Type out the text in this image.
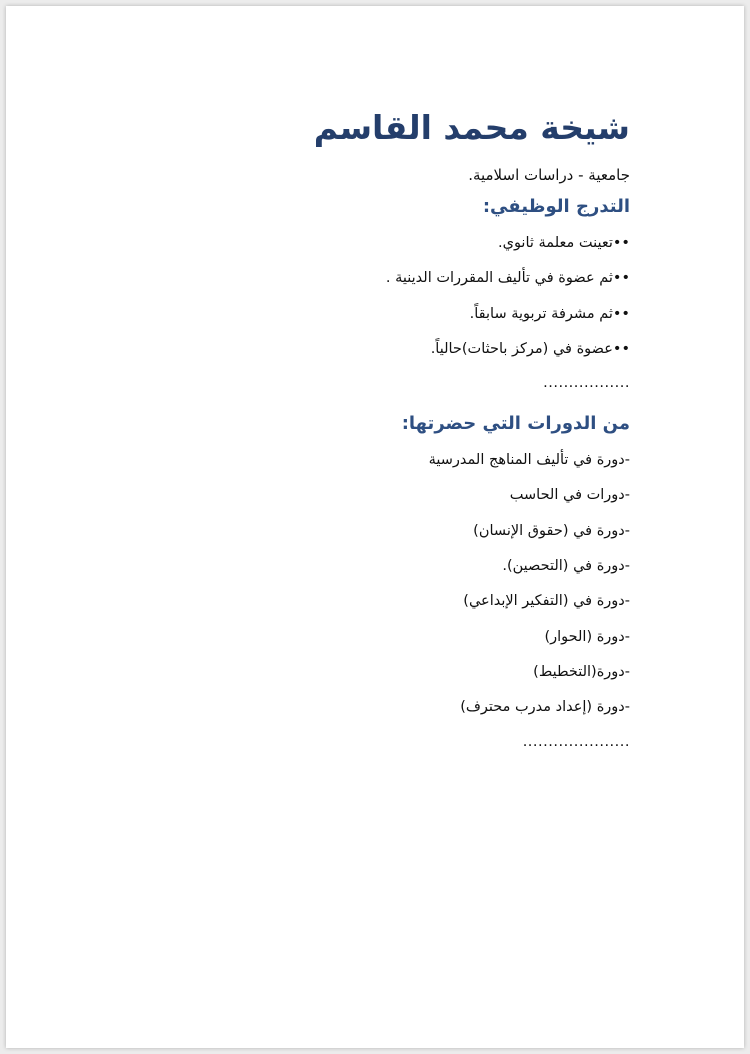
شيخة محمد القاسم

جامعية - دراسات اسلامية.

التدرج الوظيفي:

••تعينت معلمة ثانوي.

••ثم عضوة في تأليف المقررات الدينية .

••ثم مشرفة تربوية سابقاً.

••عضوة في (مركز باحثات)حالياً.

.................

من الدورات التي حضرتها:

-دورة في تأليف المناهج المدرسية

-دورات في الحاسب

-دورة في (حقوق الإنسان)

-دورة في (التحصين).

-دورة في (التفكير الإبداعي)

-دورة (الحوار)

-دورة(التخطيط)

-دورة (إعداد مدرب محترف)

.....................
